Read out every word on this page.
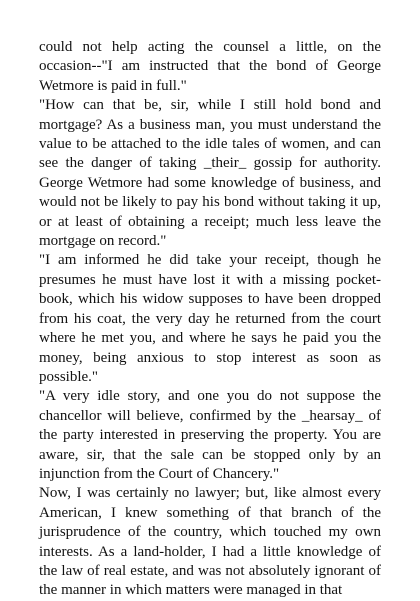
could not help acting the counsel a little, on the occasion--"I am instructed that the bond of George Wetmore is paid in full."

"How can that be, sir, while I still hold bond and mortgage? As a business man, you must understand the value to be attached to the idle tales of women, and can see the danger of taking _their_ gossip for authority. George Wetmore had some knowledge of business, and would not be likely to pay his bond without taking it up, or at least of obtaining a receipt; much less leave the mortgage on record."

"I am informed he did take your receipt, though he presumes he must have lost it with a missing pocket-book, which his widow supposes to have been dropped from his coat, the very day he returned from the court where he met you, and where he says he paid you the money, being anxious to stop interest as soon as possible."

"A very idle story, and one you do not suppose the chancellor will believe, confirmed by the _hearsay_ of the party interested in preserving the property. You are aware, sir, that the sale can be stopped only by an injunction from the Court of Chancery."

Now, I was certainly no lawyer; but, like almost every American, I knew something of that branch of the jurisprudence of the country, which touched my own interests. As a land-holder, I had a little knowledge of the law of real estate, and was not absolutely ignorant of the manner in which matters were managed in that
